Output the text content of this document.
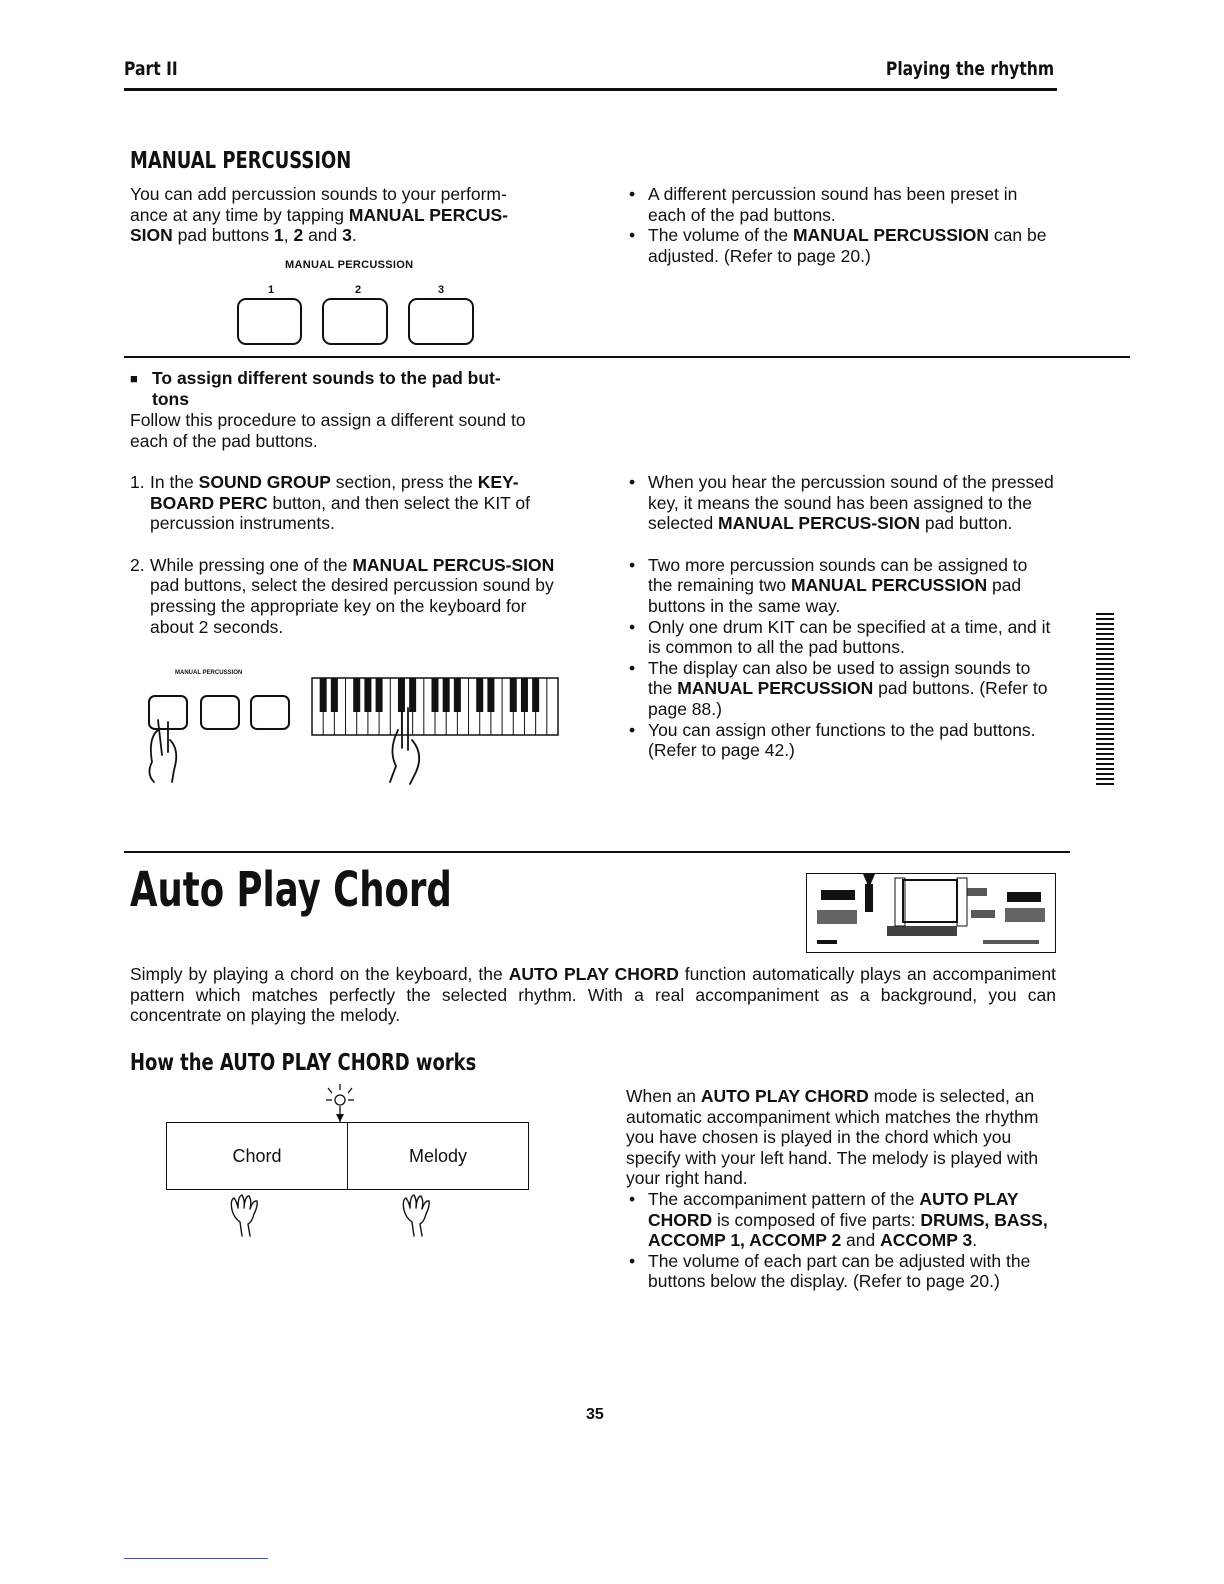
Part II	Playing the rhythm
MANUAL PERCUSSION
You can add percussion sounds to your perform-
ance at any time by tapping MANUAL PERCUS-
SION pad buttons 1, 2 and 3.
MANUAL PERCUSSION
1	2	3
• A different percussion sound has been preset in each of the pad buttons.
• The volume of the MANUAL PERCUSSION can be adjusted. (Refer to page 20.)
■ To assign different sounds to the pad but-
tons
Follow this procedure to assign a different sound to each of the pad buttons.
1. In the SOUND GROUP section, press the KEY-BOARD PERC button, and then select the KIT of percussion instruments.
2. While pressing one of the MANUAL PERCUS-SION pad buttons, select the desired percussion sound by pressing the appropriate key on the keyboard for about 2 seconds.
MANUAL PERCUSSION
• When you hear the percussion sound of the pressed key, it means the sound has been assigned to the selected MANUAL PERCUS-SION pad button.
• Two more percussion sounds can be assigned to the remaining two MANUAL PERCUSSION pad buttons in the same way.
• Only one drum KIT can be specified at a time, and it is common to all the pad buttons.
• The display can also be used to assign sounds to the MANUAL PERCUSSION pad buttons. (Refer to page 88.)
• You can assign other functions to the pad buttons. (Refer to page 42.)
Auto Play Chord
Simply by playing a chord on the keyboard, the AUTO PLAY CHORD function automatically plays an accompaniment pattern which matches perfectly the selected rhythm. With a real accompaniment as a background, you can concentrate on playing the melody.
How the AUTO PLAY CHORD works
Chord	Melody

When an AUTO PLAY CHORD mode is selected, an automatic accompaniment which matches the rhythm you have chosen is played in the chord which you specify with your left hand. The melody is played with your right hand.

• The accompaniment pattern of the AUTO PLAY CHORD is composed of five parts: DRUMS, BASS, ACCOMP 1, ACCOMP 2 and ACCOMP 3.
• The volume of each part can be adjusted with the buttons below the display. (Refer to page 20.)
35
